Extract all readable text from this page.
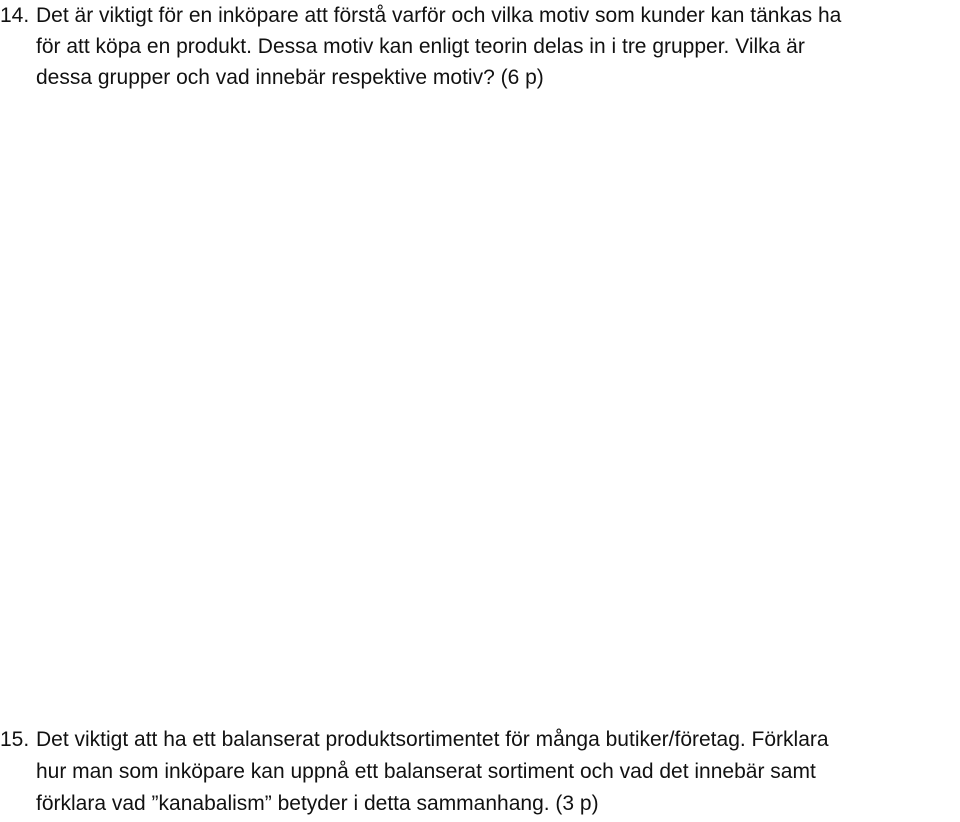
14. Det är viktigt för en inköpare att förstå varför och vilka motiv som kunder kan tänkas ha
för att köpa en produkt. Dessa motiv kan enligt teorin delas in i tre grupper. Vilka är
dessa grupper och vad innebär respektive motiv? (6 p)
15. Det viktigt att ha ett balanserat produktsortimentet för många butiker/företag. Förklara
hur man som inköpare kan uppnå ett balanserat sortiment och vad det innebär samt
förklara vad ”kanabalism” betyder i detta sammanhang. (3 p)
